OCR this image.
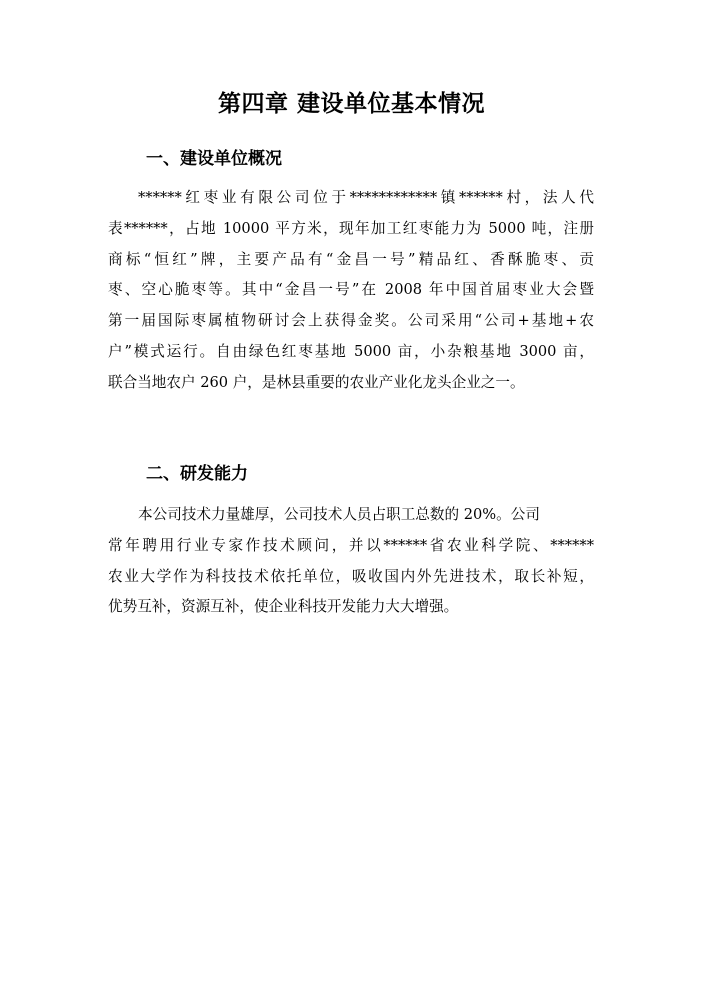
第四章 建设单位基本情况
一、建设单位概况
******红枣业有限公司位于************镇******村，法人代
表******，占地 10000 平方米，现年加工红枣能力为 5000 吨，注册
商标“恒红”牌，主要产品有“金昌一号”精品红、香酥脆枣、贡
枣、空心脆枣等。其中“金昌一号”在 2008 年中国首届枣业大会暨
第一届国际枣属植物研讨会上获得金奖。公司采用“公司+基地+农
户”模式运行。自由绿色红枣基地 5000 亩，小杂粮基地 3000 亩，
联合当地农户 260 户，是林县重要的农业产业化龙头企业之一。
二、研发能力
本公司技术力量雄厚，公司技术人员占职工总数的 20%。公司
常年聘用行业专家作技术顾问，并以******省农业科学院、******
农业大学作为科技技术依托单位，吸收国内外先进技术，取长补短，
优势互补，资源互补，使企业科技开发能力大大增强。
